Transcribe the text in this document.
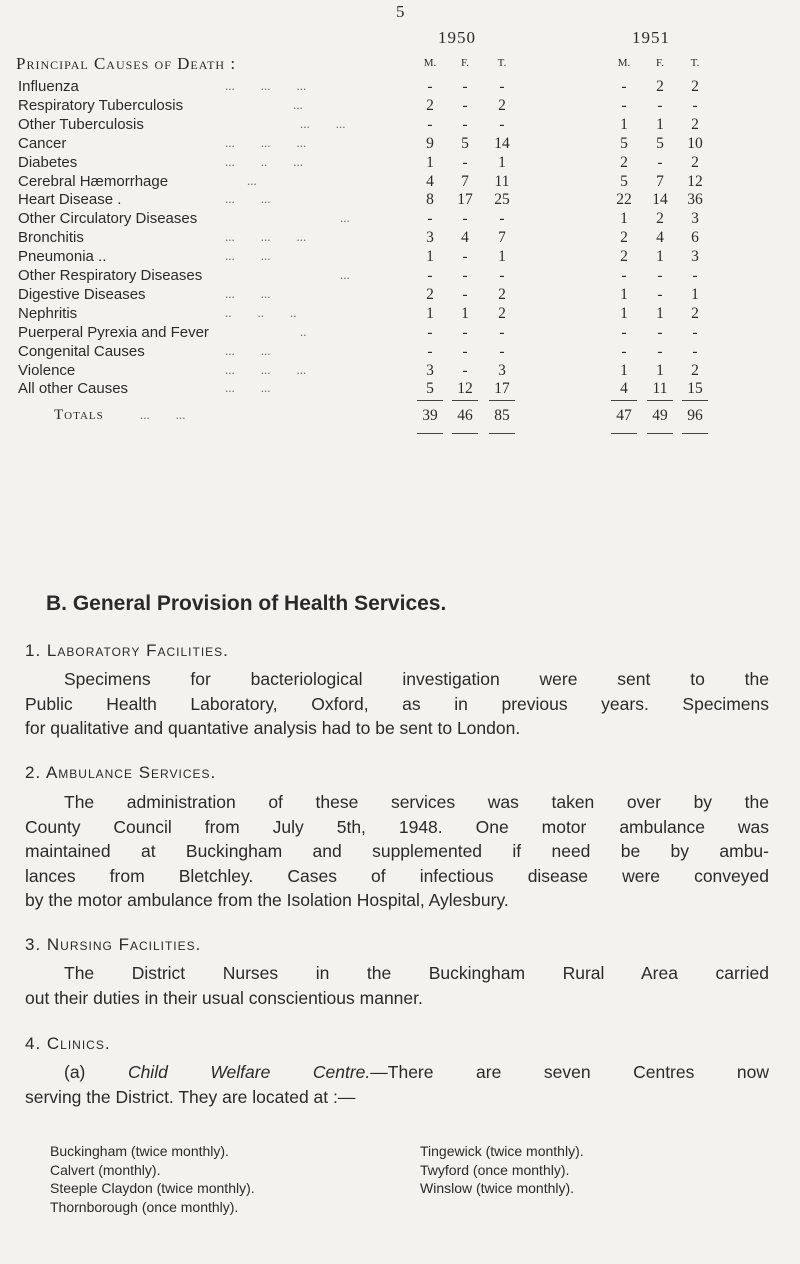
5
1950	1951
Principal Causes of Death :	M.	F.	T.	M.	F.	T.
Influenza	...        ...        ...	-	-	-	-	2	2
Respiratory Tuberculosis	...	2	-	2	-	-	-
Other Tuberculosis	...        ...	-	-	-	1	1	2
Cancer	...        ...        ...	9	5	14	5	5	10
Diabetes	...        ..        ...	1	-	1	2	-	2
Cerebral Hæmorrhage	...	4	7	11	5	7	12
Heart Disease .	...        ...	8	17	25	22	14	36
Other Circulatory Diseases	...	-	-	-	1	2	3
Bronchitis	...        ...        ...	3	4	7	2	4	6
Pneumonia ..	...        ...	1	-	1	2	1	3
Other Respiratory Diseases	...	-	-	-	-	-	-
Digestive Diseases	...        ...	2	-	2	1	-	1
Nephritis	..        ..        ..	1	1	2	1	1	2
Puerperal Pyrexia and Fever	..	-	-	-	-	-	-
Congenital Causes	...        ...	-	-	-	-	-	-
Violence	...        ...        ...	3	-	3	1	1	2
All other Causes	...        ...	5	12	17	4	11	15
Totals	...        ...	39	46	85	47	49	96
B. General Provision of Health Services.
1. Laboratory Facilities.
Specimens for bacteriological investigation were sent to the
Public Health Laboratory, Oxford, as in previous years. Specimens
for qualitative and quantative analysis had to be sent to London.
2. Ambulance Services.
The administration of these services was taken over by the
County Council from July 5th, 1948. One motor ambulance was
maintained at Buckingham and supplemented if need be by ambu-
lances from Bletchley. Cases of infectious disease were conveyed
by the motor ambulance from the Isolation Hospital, Aylesbury.
3. Nursing Facilities.
The District Nurses in the Buckingham Rural Area carried
out their duties in their usual conscientious manner.
4. Clinics.
(a) Child Welfare Centre.—There are seven Centres now
serving the District. They are located at :—
Buckingham (twice monthly).
Calvert (monthly).
Steeple Claydon (twice monthly).
Thornborough (once monthly).
Tingewick (twice monthly).
Twyford (once monthly).
Winslow (twice monthly).
